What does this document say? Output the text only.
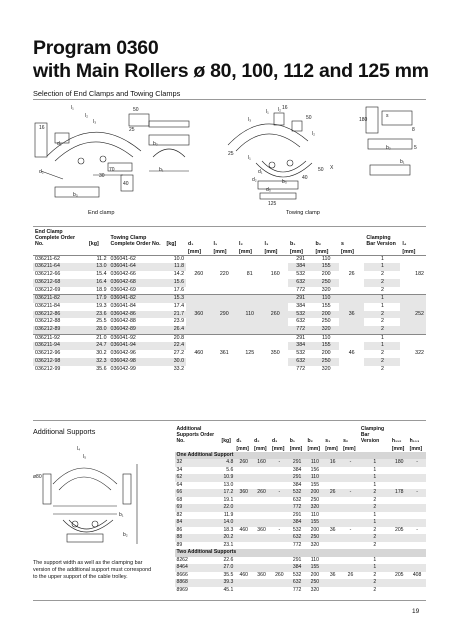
Program 0360
with Main Rollers ø 80, 100, 112 and 125 mm
Selection of End Clamps and Towing Clamps
l₁
l₂
l₃
16
50
25
d₁
b₁
70
b₂
40
b₃
d₂
30
l₁ l₂
l₃
16
50
25
b₁
b₂	5
180
l₂
s
b₃
l₁
d₁
40
d₂
50
d₃
125
X
8
End clamp	Towing clamp
End Clamp Complete Order No.	[kg]	Towing Clamp Complete Order No.	[kg]	d₁	l₁	l₂	l₃	b₁	b₂	s	Clamping Bar Version	l₄
				[mm]	[mm]	[mm]	[mm]	[mm]	[mm]	[mm]		[mm]
036211-62	11.2	036041-62	10.0	260	220	81	160	291	110	26	1	182
036211-64	13.0	036041-64	11.8					384	155		1	
036212-66	15.4	036042-66	14.2					532	200		2	
036212-68	16.4	036042-68	15.6					632	250		2	
036212-69	18.9	036042-69	17.6					772	320		2	
036211-82	17.9	036041-82	15.3	360	290	110	260	291	110	36	1	252
036211-84	19.3	036041-84	17.4					384	155		1	
036212-86	23.6	036042-86	21.7					532	200		2	
036212-88	25.5	036042-88	23.9					632	250		2	
036212-89	28.0	036042-89	26.4					772	320		2	
036211-92	21.0	036041-92	20.8	460	361	125	350	291	110	46	1	322
036211-94	24.7	036041-94	22.4					384	155		1	
036212-96	30.2	036042-96	27.2					532	200		2	
036212-98	32.3	036042-98	30.0					632	250		2	
036212-99	35.6	036042-99	33.2					772	320		2	
Additional Supports
l₄
l₅
ø80
b₁
b₂
The support width as well as the clamping bar version of the additional support must correspond to the upper support of the cable trolley.
Additional Supports Order No.	[kg]	d₁	d₂	d₃	b₁	b₂	s₁	s₂	Clamping Bar Version	h₁₁₂	h₁₁₃
		[mm]	[mm]	[mm]	[mm]	[mm]	[mm]	[mm]		[mm]	[mm]
One Additional Support											
32	4.8	260	160	-	291	110	16	-	1	180	-
34	5.6				384	156			1		
62	10.9				291	110			1		
64	13.0				384	155			1		
66	17.2	360	260	-	532	200	26	-	2	178	-
68	19.1				632	250			2		
69	22.0				772	320			2		
82	11.9				291	110			1		
84	14.0				384	155			1		
86	18.3	460	360	-	532	200	36	-	2	205	-
88	20.2				632	250			2		
89	23.1				772	320			2		
Two Additional Supports											
8262	22.6				291	110			1		
8464	27.0				384	155			1		
8666	35.5	460	360	260	532	200	36	26	2	205	408
8868	39.3				632	250			2		
8969	45.1				772	320			2		
19
